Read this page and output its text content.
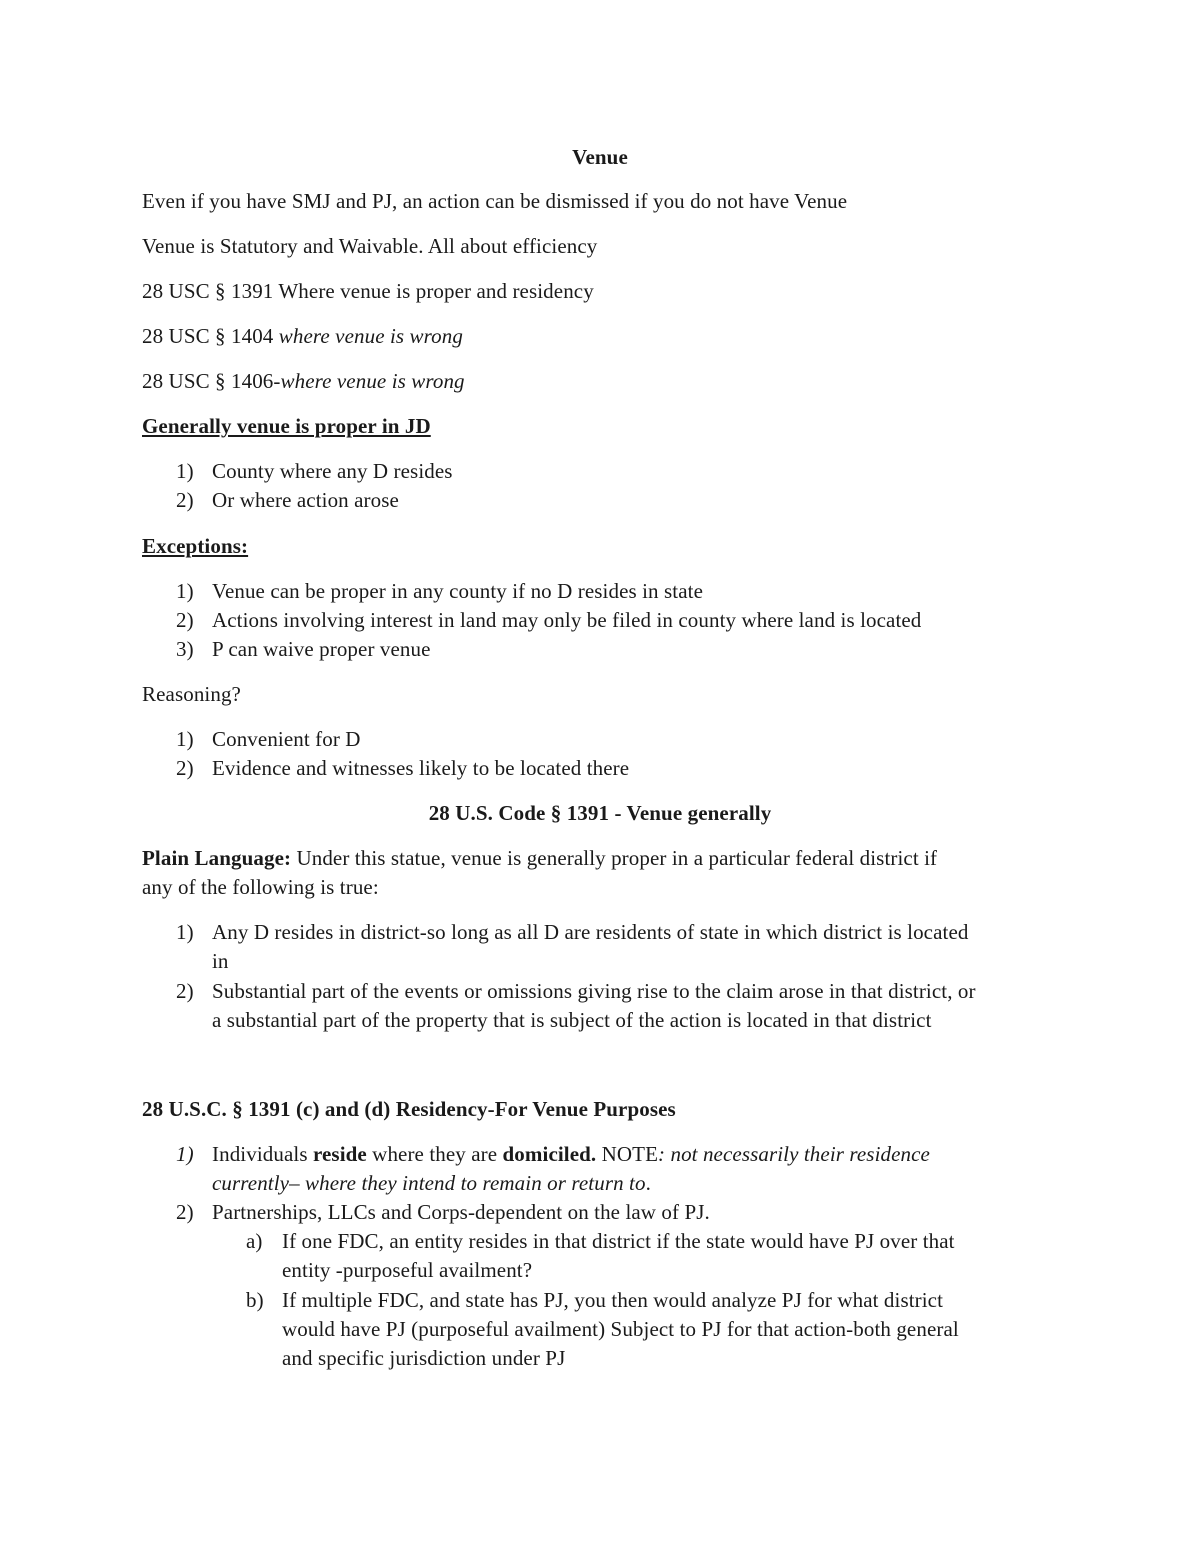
Venue
Even if you have SMJ and PJ, an action can be dismissed if you do not have Venue
Venue is Statutory and Waivable. All about efficiency
28 USC § 1391 Where venue is proper and residency
28 USC § 1404 where venue is wrong
28 USC § 1406-where venue is wrong
Generally venue is proper in JD
1) County where any D resides
2) Or where action arose
Exceptions:
1) Venue can be proper in any county if no D resides in state
2) Actions involving interest in land may only be filed in county where land is located
3) P can waive proper venue
Reasoning?
1) Convenient for D
2) Evidence and witnesses likely to be located there
28 U.S. Code § 1391 - Venue generally
Plain Language: Under this statue, venue is generally proper in a particular federal district if
any of the following is true:
1) Any D resides in district-so long as all D are residents of state in which district is located
in
2) Substantial part of the events or omissions giving rise to the claim arose in that district, or
a substantial part of the property that is subject of the action is located in that district
28 U.S.C. § 1391 (c) and (d) Residency-For Venue Purposes
1) Individuals reside where they are domiciled. NOTE: not necessarily their residence
currently– where they intend to remain or return to.
2) Partnerships, LLCs and Corps-dependent on the law of PJ.
a) If one FDC, an entity resides in that district if the state would have PJ over that
entity -purposeful availment?
b) If multiple FDC, and state has PJ, you then would analyze PJ for what district
would have PJ (purposeful availment) Subject to PJ for that action-both general
and specific jurisdiction under PJ
